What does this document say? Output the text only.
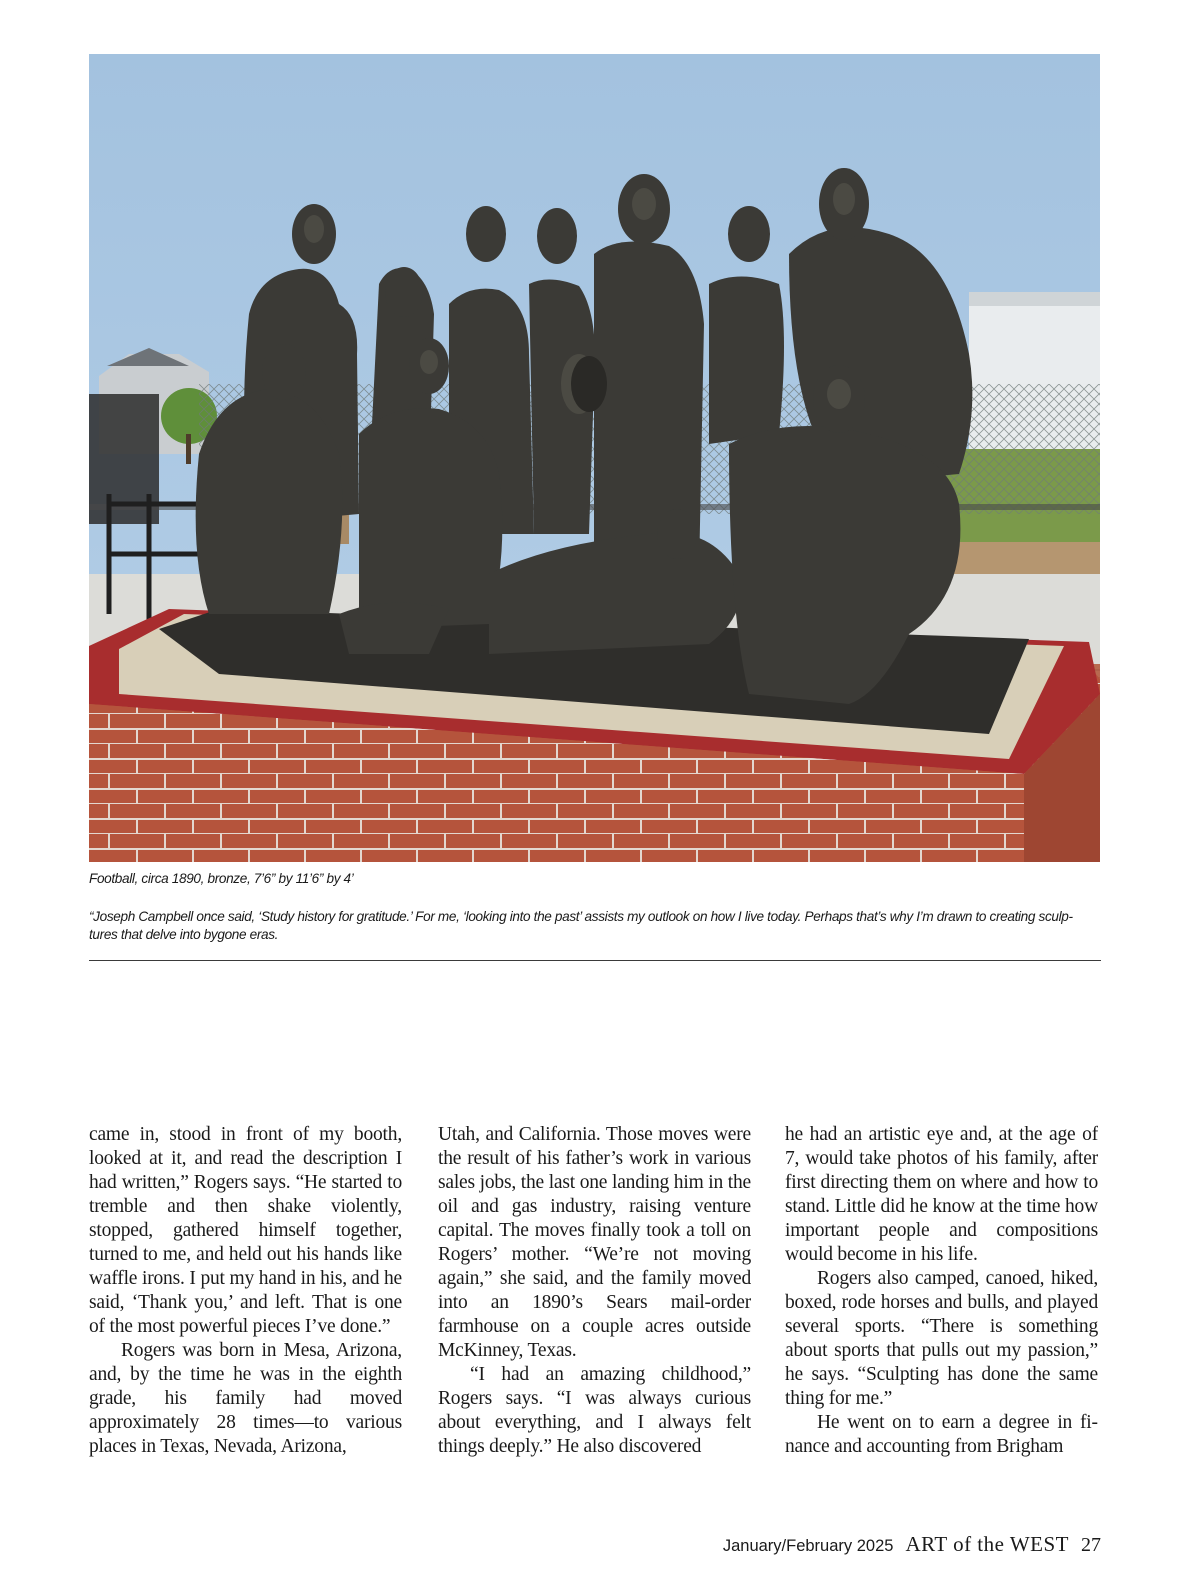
Football, circa 1890, bronze, 7’6” by 11’6” by 4’
“Joseph Campbell once said, ‘Study history for gratitude.’ For me, ‘looking into the past’ assists my outlook on how I live today. Perhaps that’s why I’m drawn to creating sculp- tures that delve into bygone eras.

came in, stood in front of my booth, looked at it, and read the description I had written,” Rogers says. “He started to tremble and then shake violently, stopped, gathered himself together, turned to me, and held out his hands like waffle irons. I put my hand in his, and he said, ‘Thank you,’ and left. That is one of the most powerful pieces I’ve done.”

Rogers was born in Mesa, Arizona, and, by the time he was in the eighth grade, his family had moved approximately 28 times—to various places in Texas, Nevada, Arizona,

Utah, and California. Those moves were the result of his father’s work in various sales jobs, the last one landing him in the oil and gas industry, raising venture capital. The moves finally took a toll on Rogers’ mother. “We’re not moving again,” she said, and the family moved into an 1890’s Sears mail-order farmhouse on a couple acres outside McKinney, Texas.

“I had an amazing childhood,” Rogers says. “I was always curious about everything, and I always felt things deeply.” He also discovered

he had an artistic eye and, at the age of 7, would take photos of his family, after first directing them on where and how to stand. Little did he know at the time how important people and compositions would become in his life.

Rogers also camped, canoed, hiked, boxed, rode horses and bulls, and played several sports. “There is something about sports that pulls out my passion,” he says. “Sculpting has done the same thing for me.”

He went on to earn a degree in finance and accounting from Brigham

January/February 2025 ART of the WEST 27
